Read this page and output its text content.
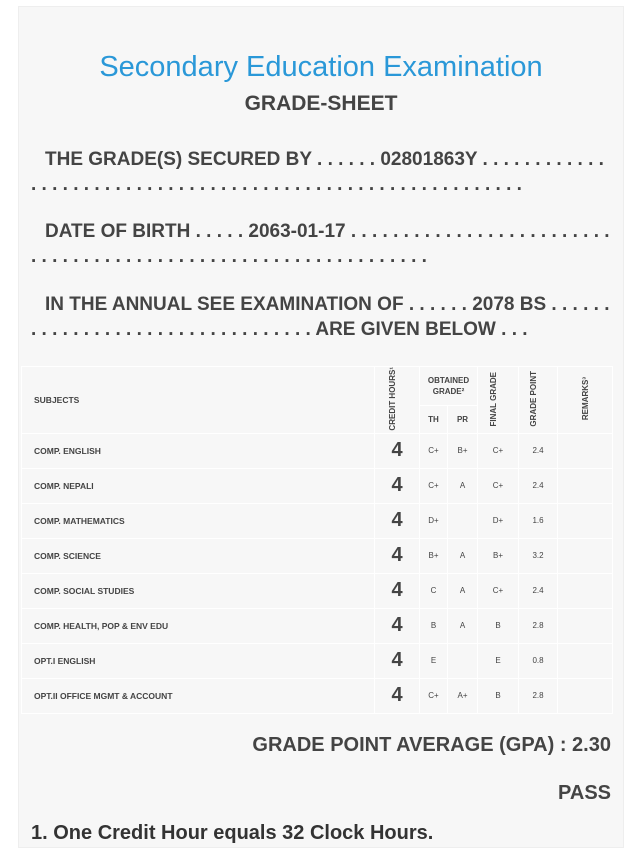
Secondary Education Examination
GRADE-SHEET
THE GRADE(S) SECURED BY . . . . . . 02801863Y . . . . . . . . . . . . . . . . . . . . . . . . . . . . . . . . . . . . . . . . . . . . . . . . . . . . . . . . . . .
DATE OF BIRTH . . . . . 2063-01-17 . . . . . . . . . . . . . . . . . . . . . . . . . . . . . . . . . . . . . . . . . . . . . . . . . . . . . . . . . . . . . . .
IN THE ANNUAL SEE EXAMINATION OF . . . . . . 2078 BS . . . . . . . . . . . . . . . . . . . . . . . . . . . . . . . . . ARE GIVEN BELOW . . .
SUBJECTS	CREDIT HOURS¹	OBTAINED GRADE²		FINAL GRADE	GRADE POINT	REMARKS³
		TH	PR			
COMP. ENGLISH	4	C+	B+	C+	2.4	
COMP. NEPALI	4	C+	A	C+	2.4	
COMP. MATHEMATICS	4	D+		D+	1.6	
COMP. SCIENCE	4	B+	A	B+	3.2	
COMP. SOCIAL STUDIES	4	C	A	C+	2.4	
COMP. HEALTH, POP & ENV EDU	4	B	A	B	2.8	
OPT.I ENGLISH	4	E		E	0.8	
OPT.II OFFICE MGMT & ACCOUNT	4	C+	A+	B	2.8	
GRADE POINT AVERAGE (GPA) : 2.30
PASS
1. One Credit Hour equals 32 Clock Hours.
